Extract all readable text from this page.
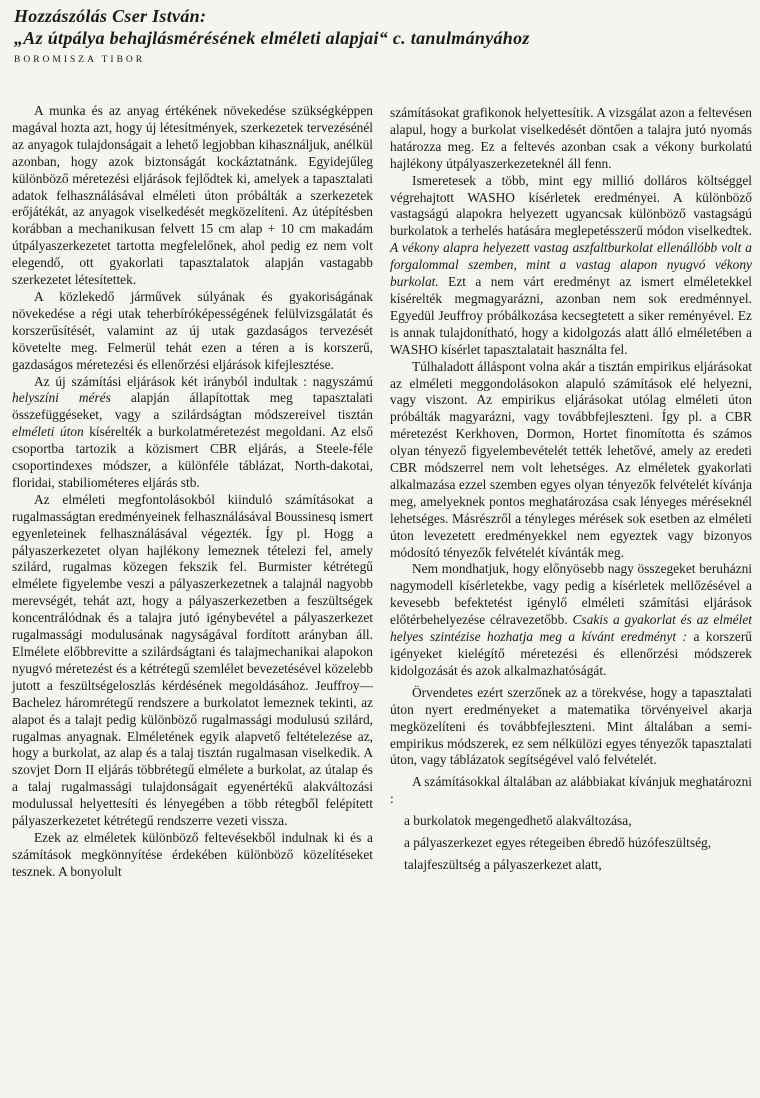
Hozzászólás Cser István:
„Az útpálya behajlásmérésének elméleti alapjai“ c. tanulmányához
BOROMISZA TIBOR

A munka és az anyag értékének növekedése szükségképpen magával hozta azt, hogy új létesítmények, szerkezetek tervezésénél az anyagok tulajdonságait a lehető legjobban kihasználjuk, anélkül azonban, hogy azok biztonságát kockáztatnánk. Egyidejűleg különböző méretezési eljárások fejlődtek ki, amelyek a tapasztalati adatok felhasználásával elméleti úton próbálták a szerkezetek erőjátékát, az anyagok viselkedését megközelíteni. Az útépítésben korábban a mechanikusan felvett 15 cm alap + 10 cm makadám útpályaszerkezetet tartotta megfelelőnek, ahol pedig ez nem volt elegendő, ott gyakorlati tapasztalatok alapján vastagabb szerkezetet létesítettek.

A közlekedő járművek súlyának és gyakoriságának növekedése a régi utak teherbíróképességének felülvizsgálatát és korszerűsítését, valamint az új utak gazdaságos tervezését követelte meg. Felmerül tehát ezen a téren a is korszerű, gazdaságos méretezési és ellenőrzési eljárások kifejlesztése.

Az új számítási eljárások két irányból indultak : nagyszámú helyszíni mérés alapján állapítottak meg tapasztalati összefüggéseket, vagy a szilárdságtan módszereivel tisztán elméleti úton kísérelték a burkolatméretezést megoldani. Az első csoportba tartozik a közismert CBR eljárás, a Steele-féle csoportindexes módszer, a különféle táblázat, North-dakotai, floridai, stabiliométeres eljárás stb.

Az elméleti megfontolásokból kiinduló számításokat a rugalmasságtan eredményeinek felhasználásával Boussinesq ismert egyenleteinek felhasználásával végezték. Így pl. Hogg a pályaszerkezetet olyan hajlékony lemeznek tételezi fel, amely szilárd, rugalmas közegen fekszik fel. Burmister kétrétegű elmélete figyelembe veszi a pályaszerkezetnek a talajnál nagyobb merevségét, tehát azt, hogy a pályaszerkezetben a feszültségek koncentrálódnak és a talajra jutó igénybevétel a pályaszerkezet rugalmassági modulusának nagyságával fordított arányban áll. Elmélete előbbrevitte a szilárdságtani és talajmechanikai alapokon nyugvó méretezést és a kétrétegű szemlélet bevezetésével közelebb jutott a feszültségeloszlás kérdésének megoldásához. Jeuffroy—Bachelez háromrétegű rendszere a burkolatot lemeznek tekinti, az alapot és a talajt pedig különböző rugalmassági modulusú szilárd, rugalmas anyagnak. Elméletének egyik alapvető feltételezése az, hogy a burkolat, az alap és a talaj tisztán rugalmasan viselkedik. A szovjet Dorn II eljárás többrétegű elmélete a burkolat, az útalap és a talaj rugalmassági tulajdonságait egyenértékű alakváltozási modulussal helyettesíti és lényegében a több rétegből felépített pályaszerkezetet kétrétegű rendszerre vezeti vissza.

Ezek az elméletek különböző feltevésekből indulnak ki és a számítások megkönnyítése érdekében különböző közelítéseket tesznek. A bonyolult

számításokat grafikonok helyettesítik. A vizsgálat azon a feltevésen alapul, hogy a burkolat viselkedését döntően a talajra jutó nyomás határozza meg. Ez a feltevés azonban csak a vékony burkolatú hajlékony útpályaszerkezeteknél áll fenn.

Ismeretesek a több, mint egy millió dolláros költséggel végrehajtott WASHO kísérletek eredményei. A különböző vastagságú alapokra helyezett ugyancsak különböző vastagságú burkolatok a terhelés hatására meglepetésszerű módon viselkedtek. A vékony alapra helyezett vastag aszfaltburkolat ellenállóbb volt a forgalommal szemben, mint a vastag alapon nyugvó vékony burkolat. Ezt a nem várt eredményt az ismert elméletekkel kísérelték megmagyarázni, azonban nem sok eredménnyel. Egyedül Jeuffroy próbálkozása kecsegtetett a siker reményével. Ez is annak tulajdonítható, hogy a kidolgozás alatt álló elméletében a WASHO kísérlet tapasztalatait használta fel.

Túlhaladott álláspont volna akár a tisztán empirikus eljárásokat az elméleti meggondolásokon alapuló számítások elé helyezni, vagy viszont. Az empirikus eljárásokat utólag elméleti úton próbálták magyarázni, vagy továbbfejleszteni. Így pl. a CBR méretezést Kerkhoven, Dormon, Hortet finomította és számos olyan tényező figyelembevételét tették lehetővé, amely az eredeti CBR módszerrel nem volt lehetséges. Az elméletek gyakorlati alkalmazása ezzel szemben egyes olyan tényezők felvételét kívánja meg, amelyeknek pontos meghatározása csak lényeges méréseknél lehetséges. Másrészről a tényleges mérések sok esetben az elméleti úton levezetett eredményekkel nem egyeztek vagy bizonyos módosító tényezők felvételét kívánták meg.

Nem mondhatjuk, hogy előnyösebb nagy összegeket beruházni nagymodell kísérletekbe, vagy pedig a kísérletek mellőzésével a kevesebb befektetést igénylő elméleti számítási eljárások előtérbehelyezése célravezetőbb. Csakis a gyakorlat és az elmélet helyes szintézise hozhatja meg a kívánt eredményt : a korszerű igényeket kielégítő méretezési és ellenőrzési módszerek kidolgozását és azok alkalmazhatóságát.

Örvendetes ezért szerzőnek az a törekvése, hogy a tapasztalati úton nyert eredményeket a matematika törvényeivel akarja megközelíteni és továbbfejleszteni. Mint általában a semi-empirikus módszerek, ez sem nélkülözi egyes tényezők tapasztalati úton, vagy táblázatok segítségével való felvételét.

A számításokkal általában az alábbiakat kívánjuk meghatározni :

a burkolatok megengedhető alakváltozása,

a pályaszerkezet egyes rétegeiben ébredő húzófeszültség,

talajfeszültség a pályaszerkezet alatt,
